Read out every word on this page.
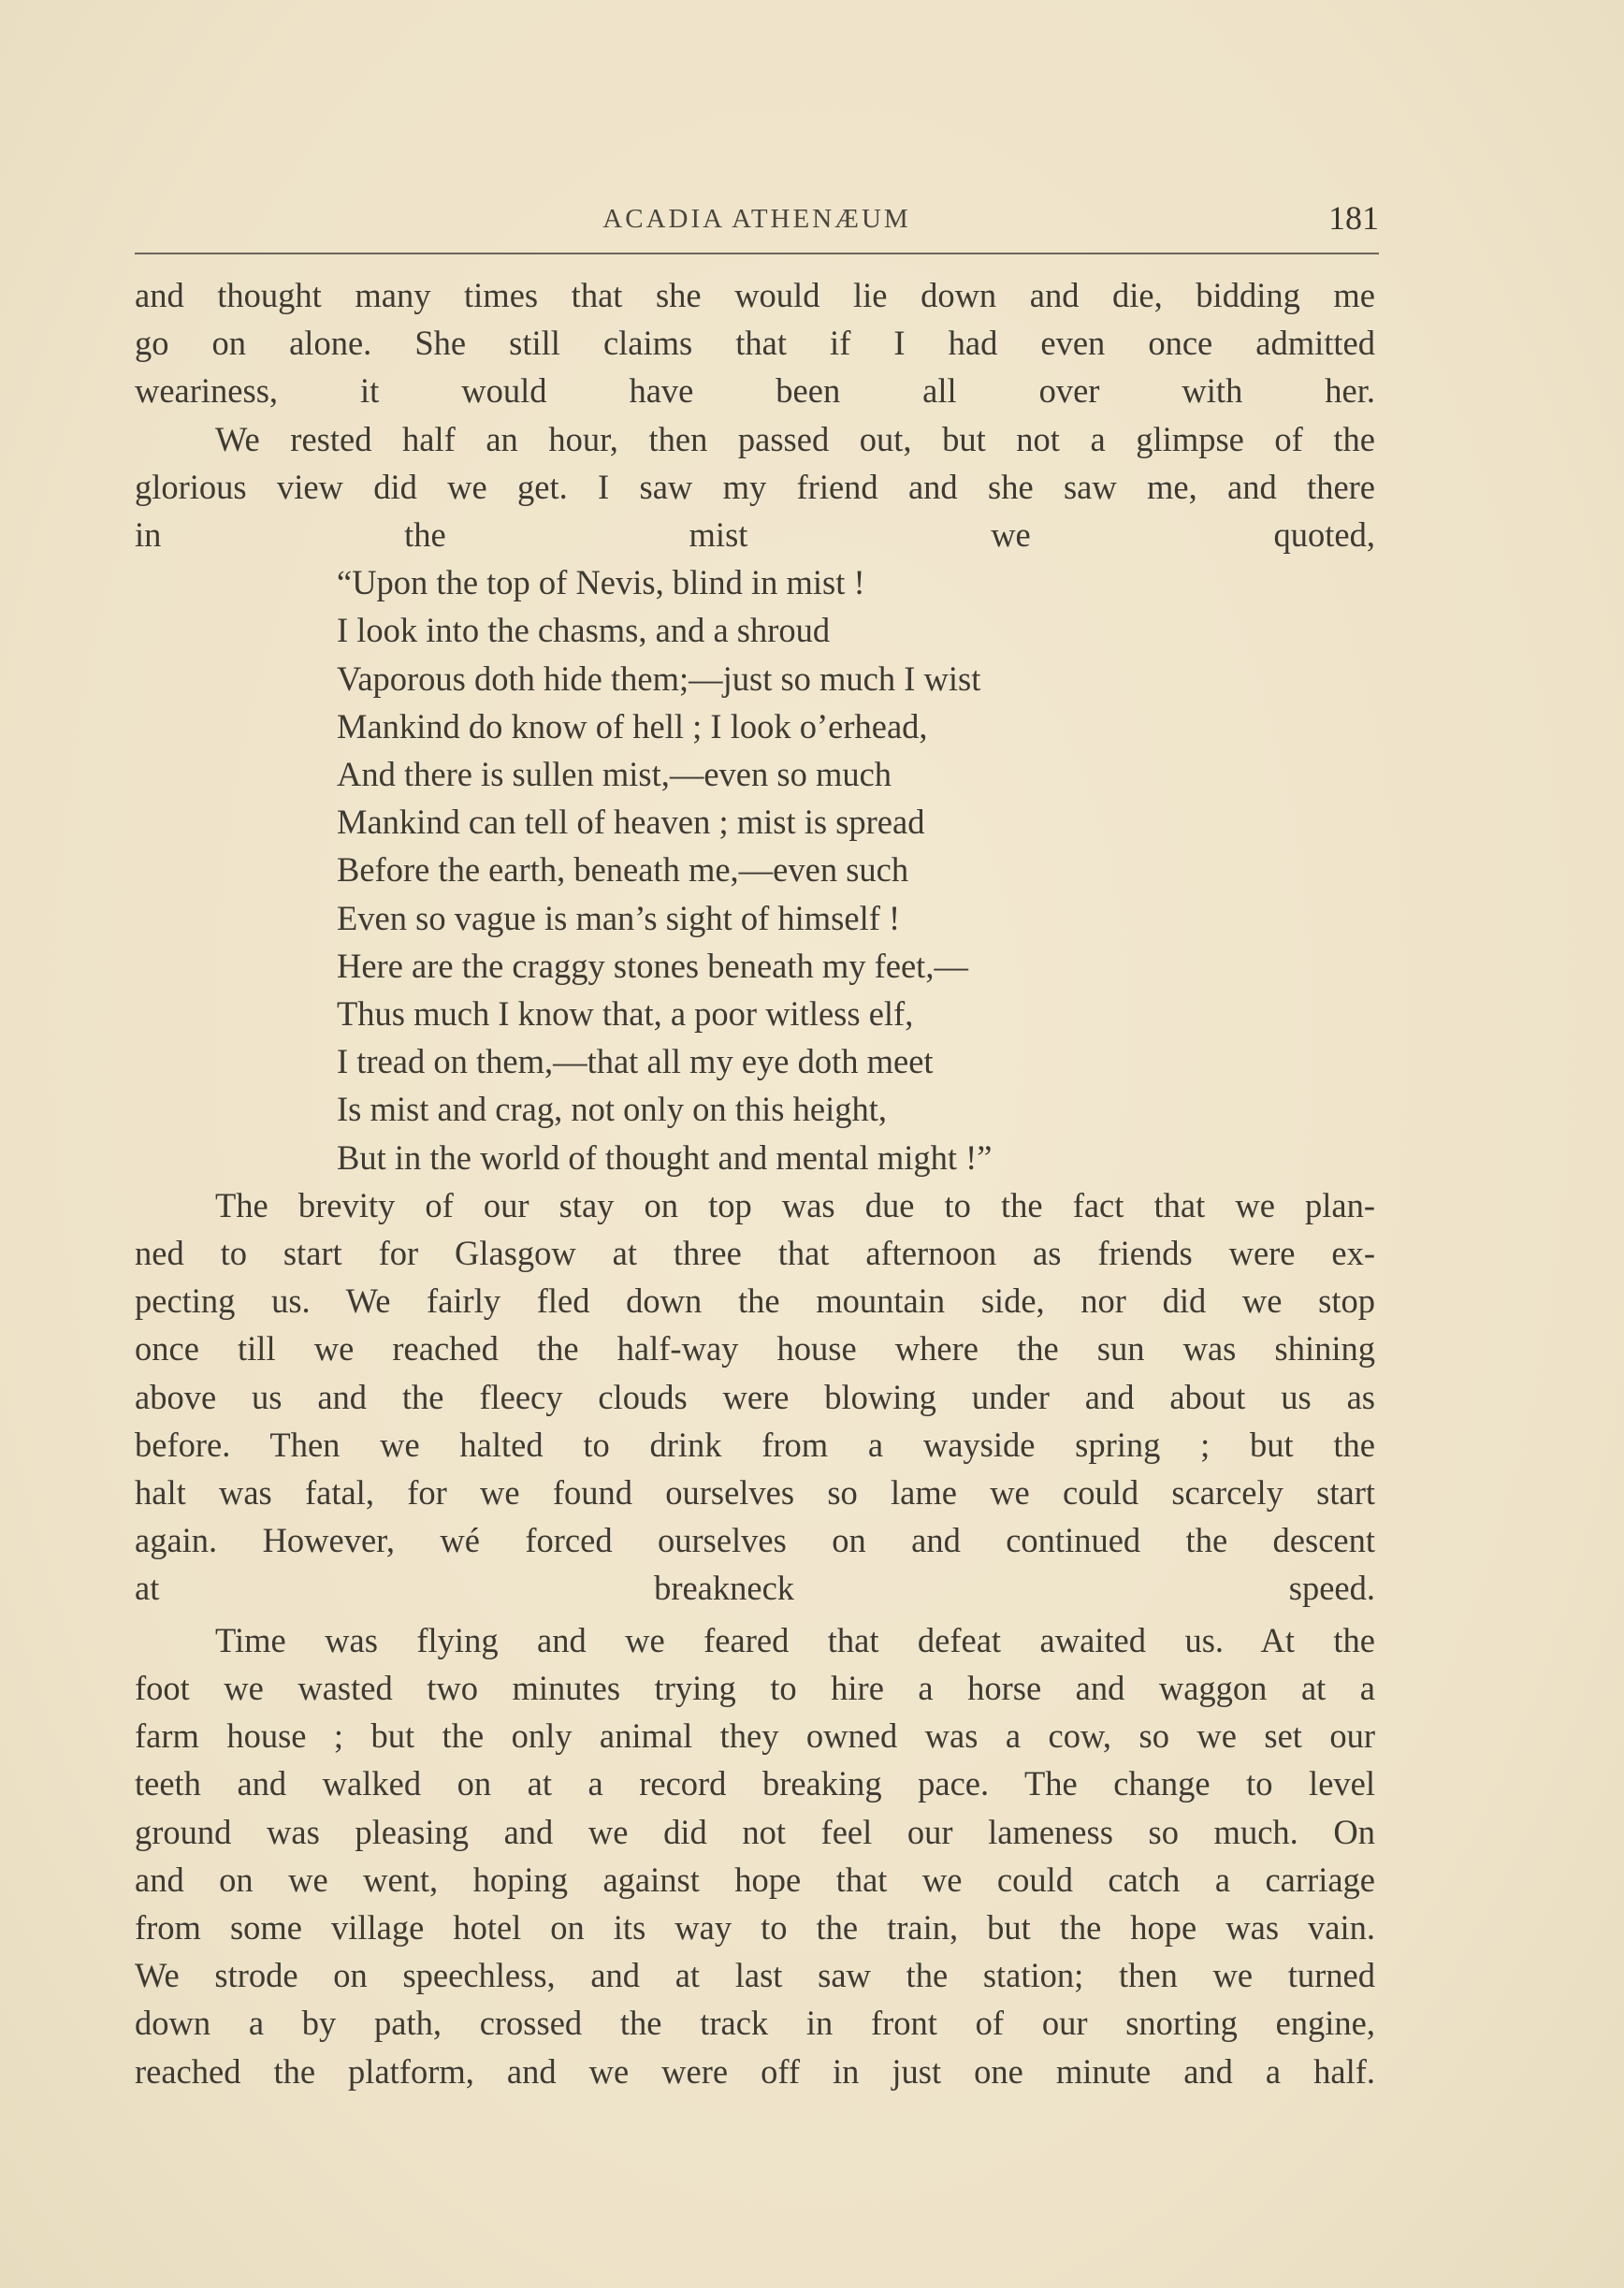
ACADIA ATHENÆUM	181
and thought many times that she would lie down and die, bidding me
go on alone. She still claims that if I had even once admitted
weariness, it would have been all over with her.
We rested half an hour, then passed out, but not a glimpse of the
glorious view did we get. I saw my friend and she saw me, and there
in the mist we quoted,
“Upon the top of Nevis, blind in mist !
I look into the chasms, and a shroud
Vaporous doth hide them;—just so much I wist
Mankind do know of hell ; I look o’erhead,
And there is sullen mist,—even so much
Mankind can tell of heaven ; mist is spread
Before the earth, beneath me,—even such
Even so vague is man’s sight of himself !
Here are the craggy stones beneath my feet,—
Thus much I know that, a poor witless elf,
I tread on them,—that all my eye doth meet
Is mist and crag, not only on this height,
But in the world of thought and mental might !”
The brevity of our stay on top was due to the fact that we plan-
ned to start for Glasgow at three that afternoon as friends were ex-
pecting us. We fairly fled down the mountain side, nor did we stop
once till we reached the half-way house where the sun was shining
above us and the fleecy clouds were blowing under and about us as
before. Then we halted to drink from a wayside spring ; but the
halt was fatal, for we found ourselves so lame we could scarcely start
again. However, wé forced ourselves on and continued the descent
at breakneck speed.
Time was flying and we feared that defeat awaited us. At the
foot we wasted two minutes trying to hire a horse and waggon at a
farm house ; but the only animal they owned was a cow, so we set our
teeth and walked on at a record breaking pace. The change to level
ground was pleasing and we did not feel our lameness so much. On
and on we went, hoping against hope that we could catch a carriage
from some village hotel on its way to the train, but the hope was vain.
We strode on speechless, and at last saw the station; then we turned
down a by path, crossed the track in front of our snorting engine,
reached the platform, and we were off in just one minute and a half.
